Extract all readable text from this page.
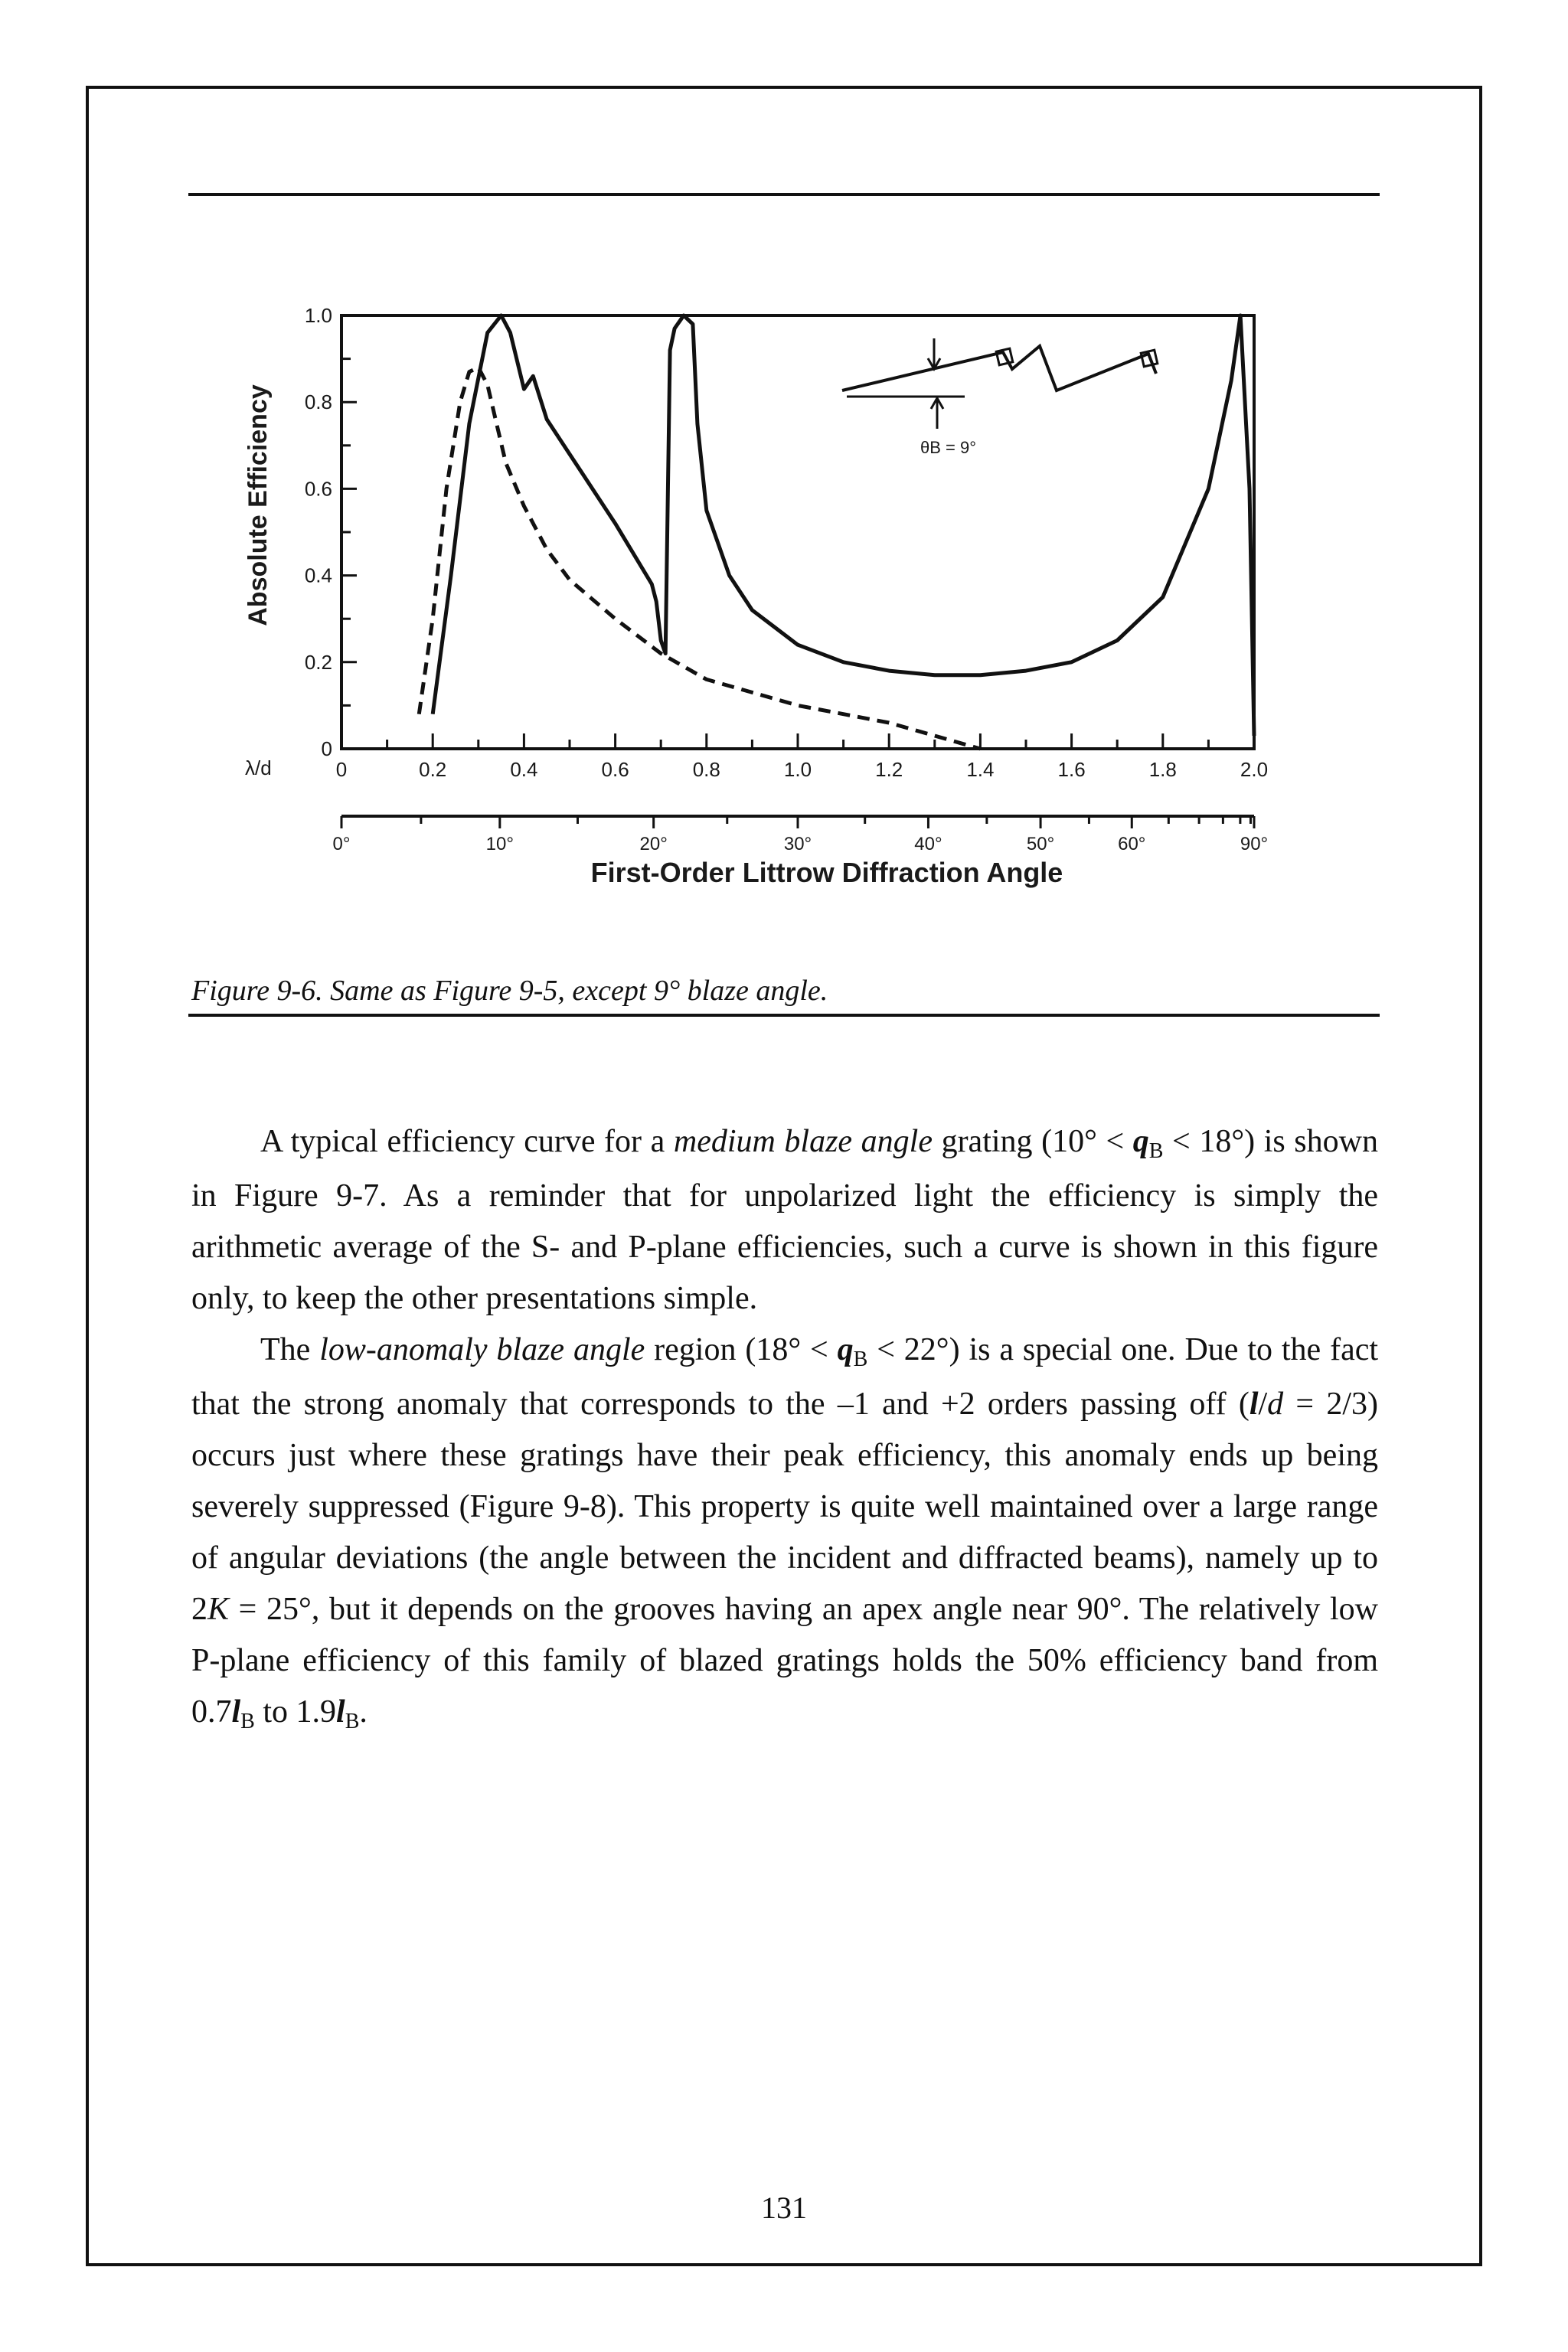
0
0.2
0.4
0.6
0.8
1.0
0	0.2	0.4	0.6	0.8	1.0	1.2	1.4	1.6	1.8	2.0
0°	10°	20°	30°	40°	50°	60°	90°
Absolute Efficiency
λ/d
First-Order Littrow Diffraction Angle
θB = 9°
Figure 9-6. Same as Figure 9-5, except 9° blaze angle.

A typical efficiency curve for a medium blaze angle grating (10° < qB < 18°) is shown in Figure 9-7. As a reminder that for unpolarized light the efficiency is simply the arithmetic average of the S- and P-plane efficiencies, such a curve is shown in this figure only, to keep the other presentations simple.

The low-anomaly blaze angle region (18° < qB < 22°) is a special one. Due to the fact that the strong anomaly that corresponds to the –1 and +2 orders passing off (l/d = 2/3) occurs just where these gratings have their peak efficiency, this anomaly ends up being severely suppressed (Figure 9-8). This property is quite well maintained over a large range of angular deviations (the angle between the incident and diffracted beams), namely up to 2K = 25°, but it depends on the grooves having an apex angle near 90°. The relatively low P-plane efficiency of this family of blazed gratings holds the 50% efficiency band from 0.7lB to 1.9lB.

131
